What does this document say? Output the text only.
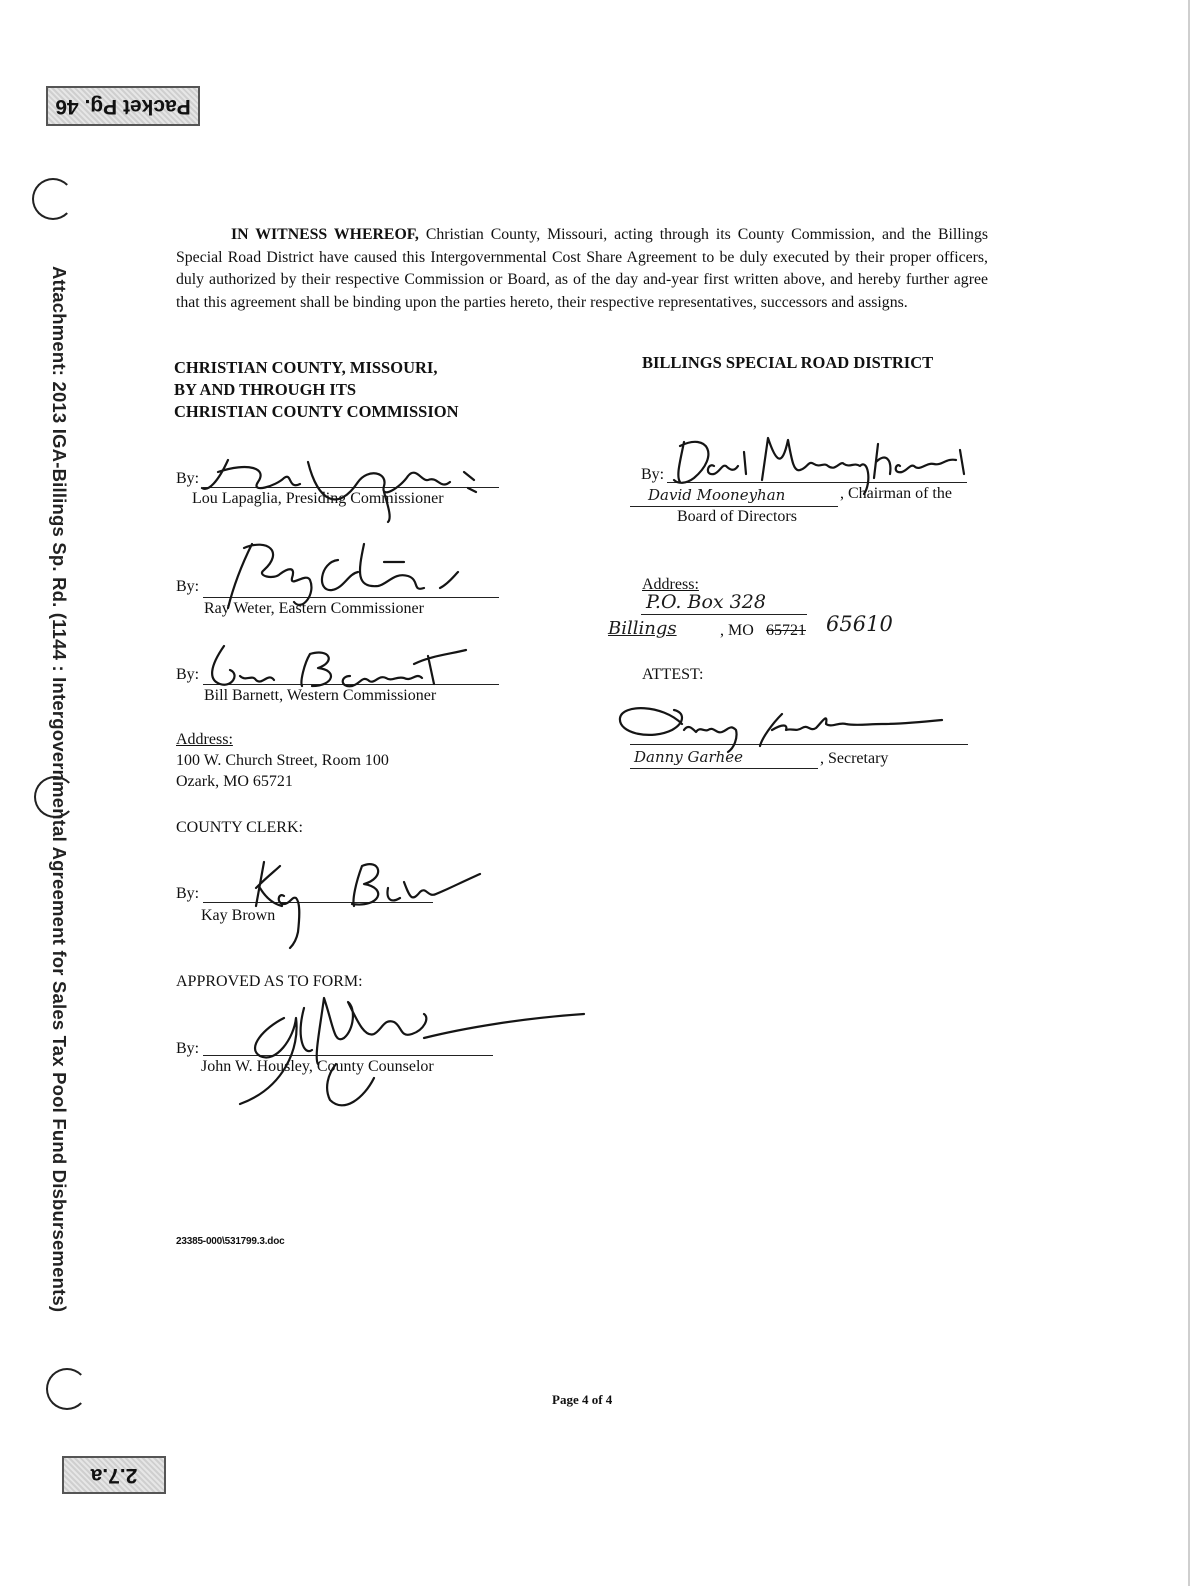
Packet Pg. 46
2.7.a
Attachment: 2013 IGA-Billings Sp. Rd. (1144 : Intergovernmental Agreement for Sales Tax Pool Fund Disbursements)
IN WITNESS WHEREOF, Christian County, Missouri, acting through its County Commission, and the Billings Special Road District have caused this Intergovernmental Cost Share Agreement to be duly executed by their proper officers, duly authorized by their respective Commission or Board, as of the day and-year first written above, and hereby further agree that this agreement shall be binding upon the parties hereto, their respective representatives, successors and assigns.
CHRISTIAN COUNTY, MISSOURI,
BY AND THROUGH ITS
CHRISTIAN COUNTY COMMISSION
By:
Lou Lapaglia, Presiding Commissioner
By:
Ray Weter, Eastern Commissioner
By:
Bill Barnett, Western Commissioner
Address:
100 W. Church Street, Room 100
Ozark, MO 65721
COUNTY CLERK:
By:
Kay Brown
APPROVED AS TO FORM:
By:
John W. Housley, County Counselor
BILLINGS SPECIAL ROAD DISTRICT
By:
David Mooneyhan	, Chairman of the
Board of Directors
Address:
P.O. Box 328
Billings	, MO 65721 65610
ATTEST:
Danny Garhee	, Secretary
23385-000\531799.3.doc
Page 4 of 4
